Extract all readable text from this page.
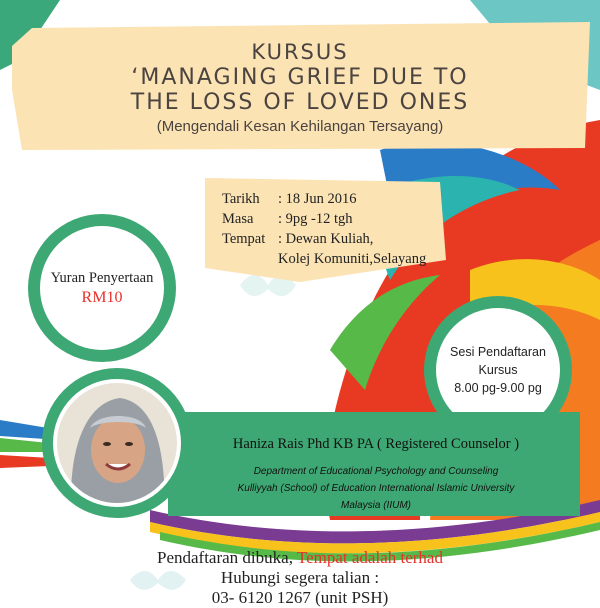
KURSUS
‘MANAGING GRIEF DUE TO
THE LOSS OF LOVED ONES
(Mengendali Kesan Kehilangan Tersayang)
Tarikh	: 18 Jun 2016
Masa	: 9pg -12 tgh
Tempat : Dewan Kuliah,
Kolej Komuniti,Selayang
Yuran Penyertaan
RM10
Sesi Pendaftaran
Kursus
8.00 pg-9.00 pg
Haniza Rais Phd KB PA ( Registered Counselor )
Department of Educational Psychology and Counseling
Kulliyyah (School) of Education International Islamic University
Malaysia (IIUM)
Pendaftaran dibuka, Tempat adalah terhad
Hubungi segera talian :
03- 6120 1267 (unit PSH)
